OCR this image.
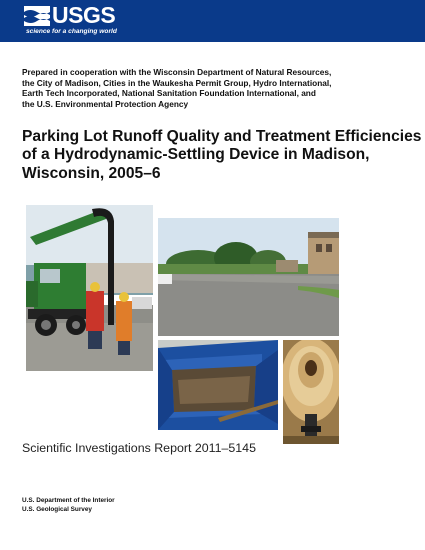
USGS
science for a changing world
Prepared in cooperation with the Wisconsin Department of Natural Resources,
the City of Madison, Cities in the Waukesha Permit Group, Hydro International,
Earth Tech Incorporated, National Sanitation Foundation International, and
the U.S. Environmental Protection Agency
Parking Lot Runoff Quality and Treatment Efficiencies
of a Hydrodynamic-Settling Device in Madison,
Wisconsin, 2005–6
Scientific Investigations Report 2011–5145
U.S. Department of the Interior
U.S. Geological Survey
